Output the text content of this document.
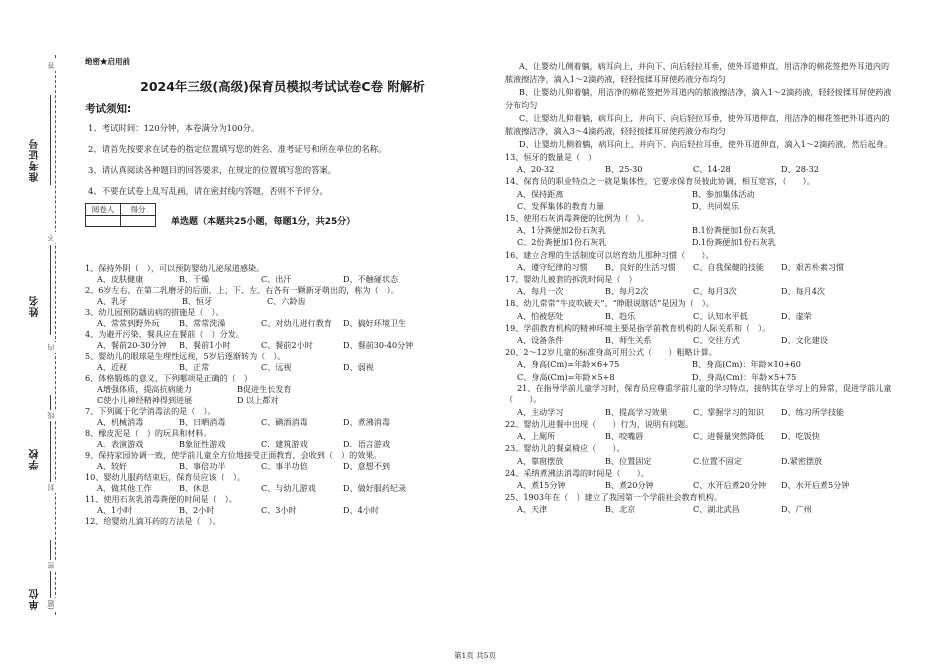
准考证号
姓名
学校
单位
答
不
内
线
封
密
(题
绝密★启用前
2024年三级(高级)保育员模拟考试试卷C卷 附解析
考试须知:
1、考试时间：120分钟，本卷满分为100分。
2、请首先按要求在试卷的指定位置填写您的姓名、准考证号和所在单位的名称。
3、请认真阅读各种题目的回答要求，在规定的位置填写您的答案。
4、不要在试卷上乱写乱画，请在密封线内答题，否则不予评分。
阅卷人	得分

单选题（本题共25小题，每题1分，共25分）
1、保持外阴（　），可以预防婴幼儿泌尿道感染。
A、皮肤健康	B、干燥	C、出汗	D、不触碰状态
2、6岁左右，在第二乳磨牙的后面，上、下、左、右各有一颗新牙萌出的，称为（　）。
A、乳牙	B、恒牙	C、六龄齿
3、幼儿园预防龋齿病的措施是（　）。
A、常常到野外玩 B、常常洗澡	C、对幼儿进行教育 D、搞好环境卫生
4、为避开污染，餐具应在餐前（　）分发。
A、餐前20-30分钟 B、餐前1小时	C、餐前2小时	D、餐前30-40分钟
5、婴幼儿的眼球是生理性远视，5岁后逐渐转为（　）。
A、近视	B、正常	C、远视	D、弱视
6、体格锻炼的意义，下列哪项是正确的（　）
A增强体质，提高抗病能力	B促进生长发育
C使小儿神经精神得到进展	D 以上都对
7、下列属于化学消毒法的是（　）。
A、机械消毒	B、日晒消毒	C、碘酒消毒	D、煮沸消毒
8、橡皮泥是（　）的玩具和材料。
A．表演游戏	B象征性游戏	C．建筑游戏	D．语言游戏
9、保持家园协调一致，使学前儿童全方位地接受正面教育，会收到（　）的效果。
A、较好	B、事倍功半	C、事半功倍	D、意想不到
10、婴幼儿服药结束后，保育员应该（　）。
A、做其他工作	B、休息	C、与幼儿游戏	D、做好服药纪录
11、使用石灰乳消毒粪便的时间是（　）。
A、1小时	B、2小时	C、3小时	D、4小时
12、给婴幼儿滴耳药的方法是（　）。
A、让婴幼儿侧着躺，病耳向上，并向下、向后轻拉耳垂，使外耳道伸直，用洁净的棉花签把外耳道内的脓液擦洁净，滴入1～2滴药液，轻轻按揉耳屏使药液分布均匀
B、让婴幼儿仰着躺，用洁净的棉花签把外耳道内的脓液擦洁净，滴入1～2滴药液，轻轻按揉耳屏使药液分布均匀
C、让婴幼儿仰着躺，病耳向上，并向下、向后轻拉耳垂，使外耳道伸直，用洁净的棉花签把外耳道内的脓液擦洁净，滴入3～4滴药液，轻轻按揉耳屏使药液分布均匀
D、让婴幼儿侧着躺，病耳向上，并向下、向后轻拉耳垂，使外耳道伸直，滴入1～2滴药液，然后起身。
13、恒牙的数量是（　）
A、20-32	B、25-30	C、14-28	D、28-32
14、保育员的职业特点之一就是集体性，它要求保育员彼此协调，相互宽容，（　　）。
A、保持距离	B、参加集体活动
C、发挥集体的教育力量	D、共同娱乐
15、使用石灰消毒粪便的比例为（　）。
A、1分粪便加2份石灰乳	B.1份粪便加1份石灰乳
C、2份粪便加1份石灰乳	D.1份粪便加1份石灰乳
16、建立合理的生活制度可以培育幼儿那种习惯（　　）。
A、遵守纪律的习惯 B、良好的生活习惯 C、自我保健的技能 D、艰苦朴素习惯
17、婴幼儿被套的拆洗时间是（　）
A、每月一次	B、每月2次	C、每月3次	D、每月4次
18、幼儿常常“牛皮吹破天”、“睁眼说瞎话”是因为（　）。
A、怕被惩处	B、趋乐	C、认知水平低	D、虚荣
19、学前教育机构的精神环境主要是指学前教育机构的人际关系和（　）。
A、设备条件	B、师生关系	C、交往方式	D、文化建设
20、2～12岁儿童的标准身高可用公式（　　）粗略计算。
A、身高(Cm)=年龄×6+75	B、身高(Cm)：年龄×10+60
C、身高(Cm)=年龄×5+8	D、身高(Cm)：年龄×5+75
21、在指导学前儿童学习时，保育员应尊重学前儿童的学习特点，接纳其在学习上的异常，促进学前儿童（　　）。
A、主动学习	B、提高学习效果	C、掌握学习的知识 D、练习所学技能
22、婴幼儿进餐中出现（　　）行为，说明有问题。
A、上厕所	B、咬嘴唇	C、进餐量突然降低 D、吃饭快
23、婴幼儿的餐桌椅应（　　）。
A、靠窗摆放	B、位置固定	C.位置不固定	D.紧密摆放
24、采纳煮沸法消毒的时间是（　　）。
A、煮15分钟	B、煮20分钟	C、水开后煮20分钟 D、水开后煮5分钟
25、1903年在（　）建立了我国第一个学前社会教育机构。
A、天津	B、北京	C、湖北武昌	D、广州
第1页 共5页
